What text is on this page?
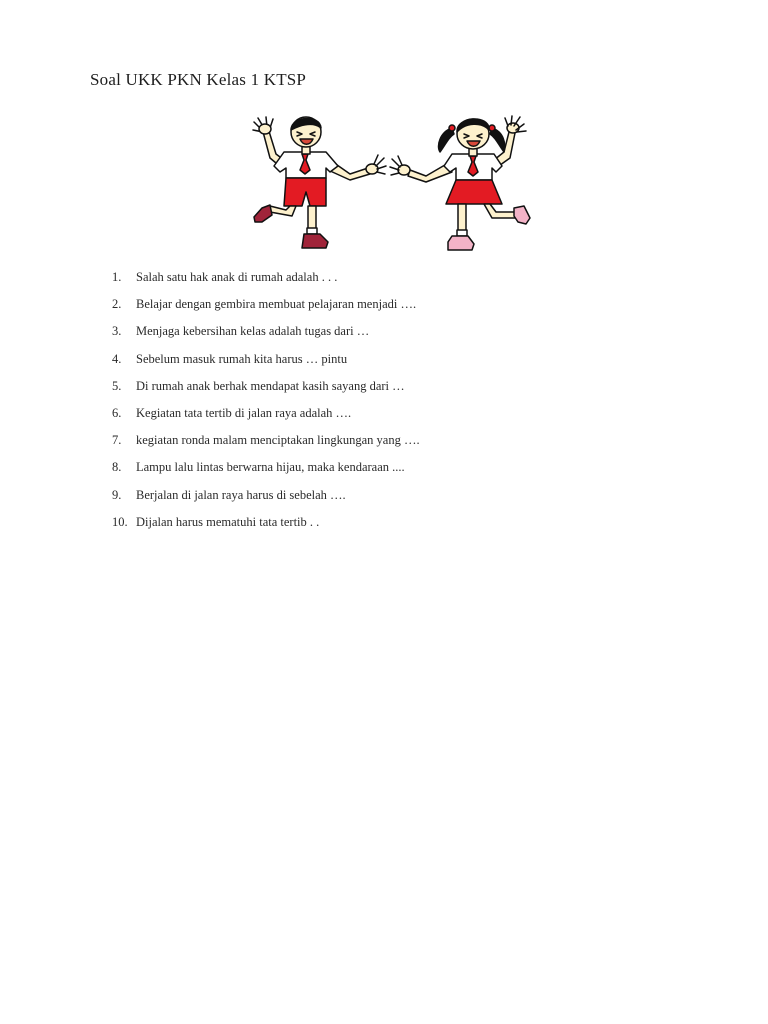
Soal UKK PKN Kelas 1 KTSP
1.	Salah satu hak anak di rumah adalah . . .
2.	Belajar dengan gembira membuat pelajaran menjadi ….
3.	Menjaga kebersihan kelas adalah tugas dari …
4.	Sebelum masuk rumah kita harus … pintu
5.	Di rumah anak berhak mendapat kasih sayang dari …
6.	Kegiatan tata tertib di jalan raya adalah ….
7.	kegiatan ronda malam menciptakan lingkungan yang ….
8.	Lampu lalu lintas berwarna hijau, maka kendaraan ....
9.	Berjalan di jalan raya harus di sebelah ….
10. Dijalan harus mematuhi tata tertib . .
